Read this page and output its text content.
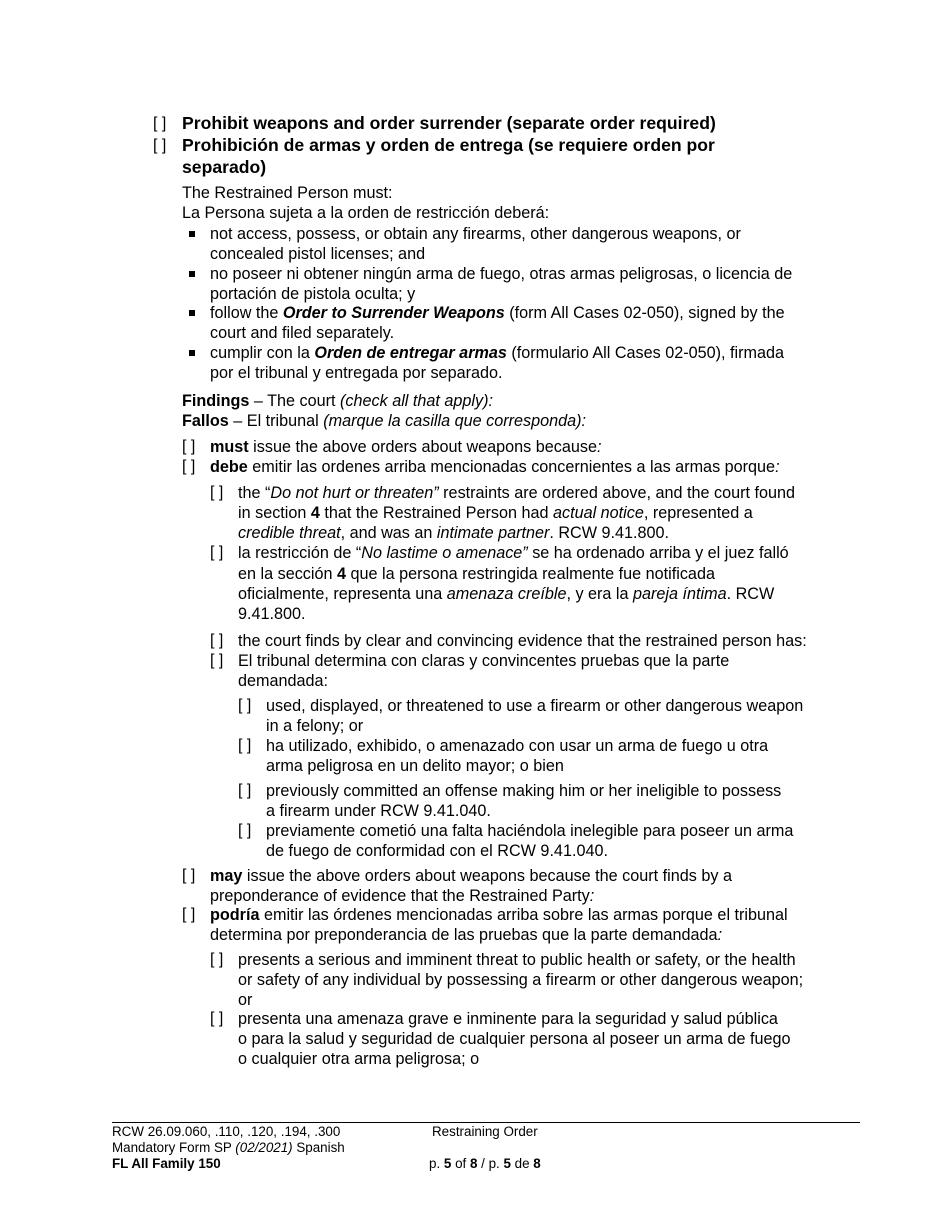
[ ] Prohibit weapons and order surrender (separate order required)
[ ] Prohibición de armas y orden de entrega (se requiere orden por
separado)
The Restrained Person must:
La Persona sujeta a la orden de restricción deberá:
not access, possess, or obtain any firearms, other dangerous weapons, or
concealed pistol licenses; and
no poseer ni obtener ningún arma de fuego, otras armas peligrosas, o licencia de
portación de pistola oculta; y
follow the Order to Surrender Weapons (form All Cases 02-050), signed by the
court and filed separately.
cumplir con la Orden de entregar armas (formulario All Cases 02-050), firmada
por el tribunal y entregada por separado.
Findings – The court (check all that apply):
Fallos – El tribunal (marque la casilla que corresponda):
[ ] must issue the above orders about weapons because:
[ ] debe emitir las ordenes arriba mencionadas concernientes a las armas porque:
[ ] the “Do not hurt or threaten” restraints are ordered above, and the court found
in section 4 that the Restrained Person had actual notice, represented a
credible threat, and was an intimate partner. RCW 9.41.800.
[ ] la restricción de “No lastime o amenace” se ha ordenado arriba y el juez falló
en la sección 4 que la persona restringida realmente fue notificada
oficialmente, representa una amenaza creíble, y era la pareja íntima. RCW
9.41.800.
[ ] the court finds by clear and convincing evidence that the restrained person has:
[ ] El tribunal determina con claras y convincentes pruebas que la parte
demandada:
[ ] used, displayed, or threatened to use a firearm or other dangerous weapon
in a felony; or
[ ] ha utilizado, exhibido, o amenazado con usar un arma de fuego u otra
arma peligrosa en un delito mayor; o bien
[ ] previously committed an offense making him or her ineligible to possess
a firearm under RCW 9.41.040.
[ ] previamente cometió una falta haciéndola inelegible para poseer un arma
de fuego de conformidad con el RCW 9.41.040.
[ ] may issue the above orders about weapons because the court finds by a
preponderance of evidence that the Restrained Party:
[ ] podría emitir las órdenes mencionadas arriba sobre las armas porque el tribunal
determina por preponderancia de las pruebas que la parte demandada:
[ ] presents a serious and imminent threat to public health or safety, or the health
or safety of any individual by possessing a firearm or other dangerous weapon;
or
[ ] presenta una amenaza grave e inminente para la seguridad y salud pública
o para la salud y seguridad de cualquier persona al poseer un arma de fuego
o cualquier otra arma peligrosa; o
RCW 26.09.060, .110, .120, .194, .300
Mandatory Form SP (02/2021) Spanish
FL All Family 150
Restraining Order
p. 5 of 8 / p. 5 de 8
